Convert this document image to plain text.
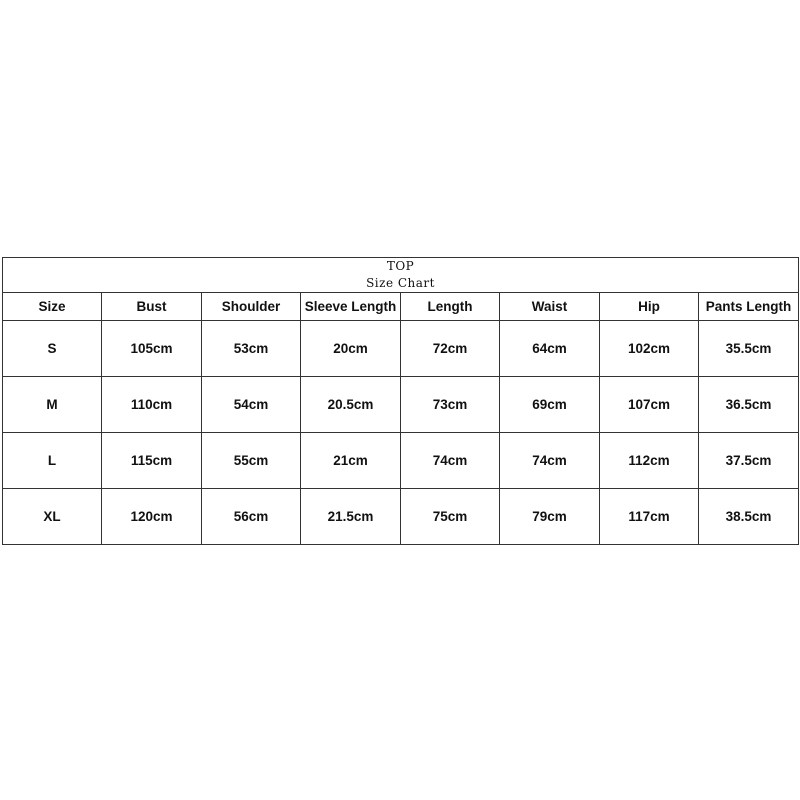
TOP
Size Chart							

Size	Bust	Shoulder	Sleeve Length	Length	Waist	Hip	Pants Length
S	105cm	53cm	20cm	72cm	64cm	102cm	35.5cm
M	110cm	54cm	20.5cm	73cm	69cm	107cm	36.5cm
L	115cm	55cm	21cm	74cm	74cm	112cm	37.5cm
XL	120cm	56cm	21.5cm	75cm	79cm	117cm	38.5cm
